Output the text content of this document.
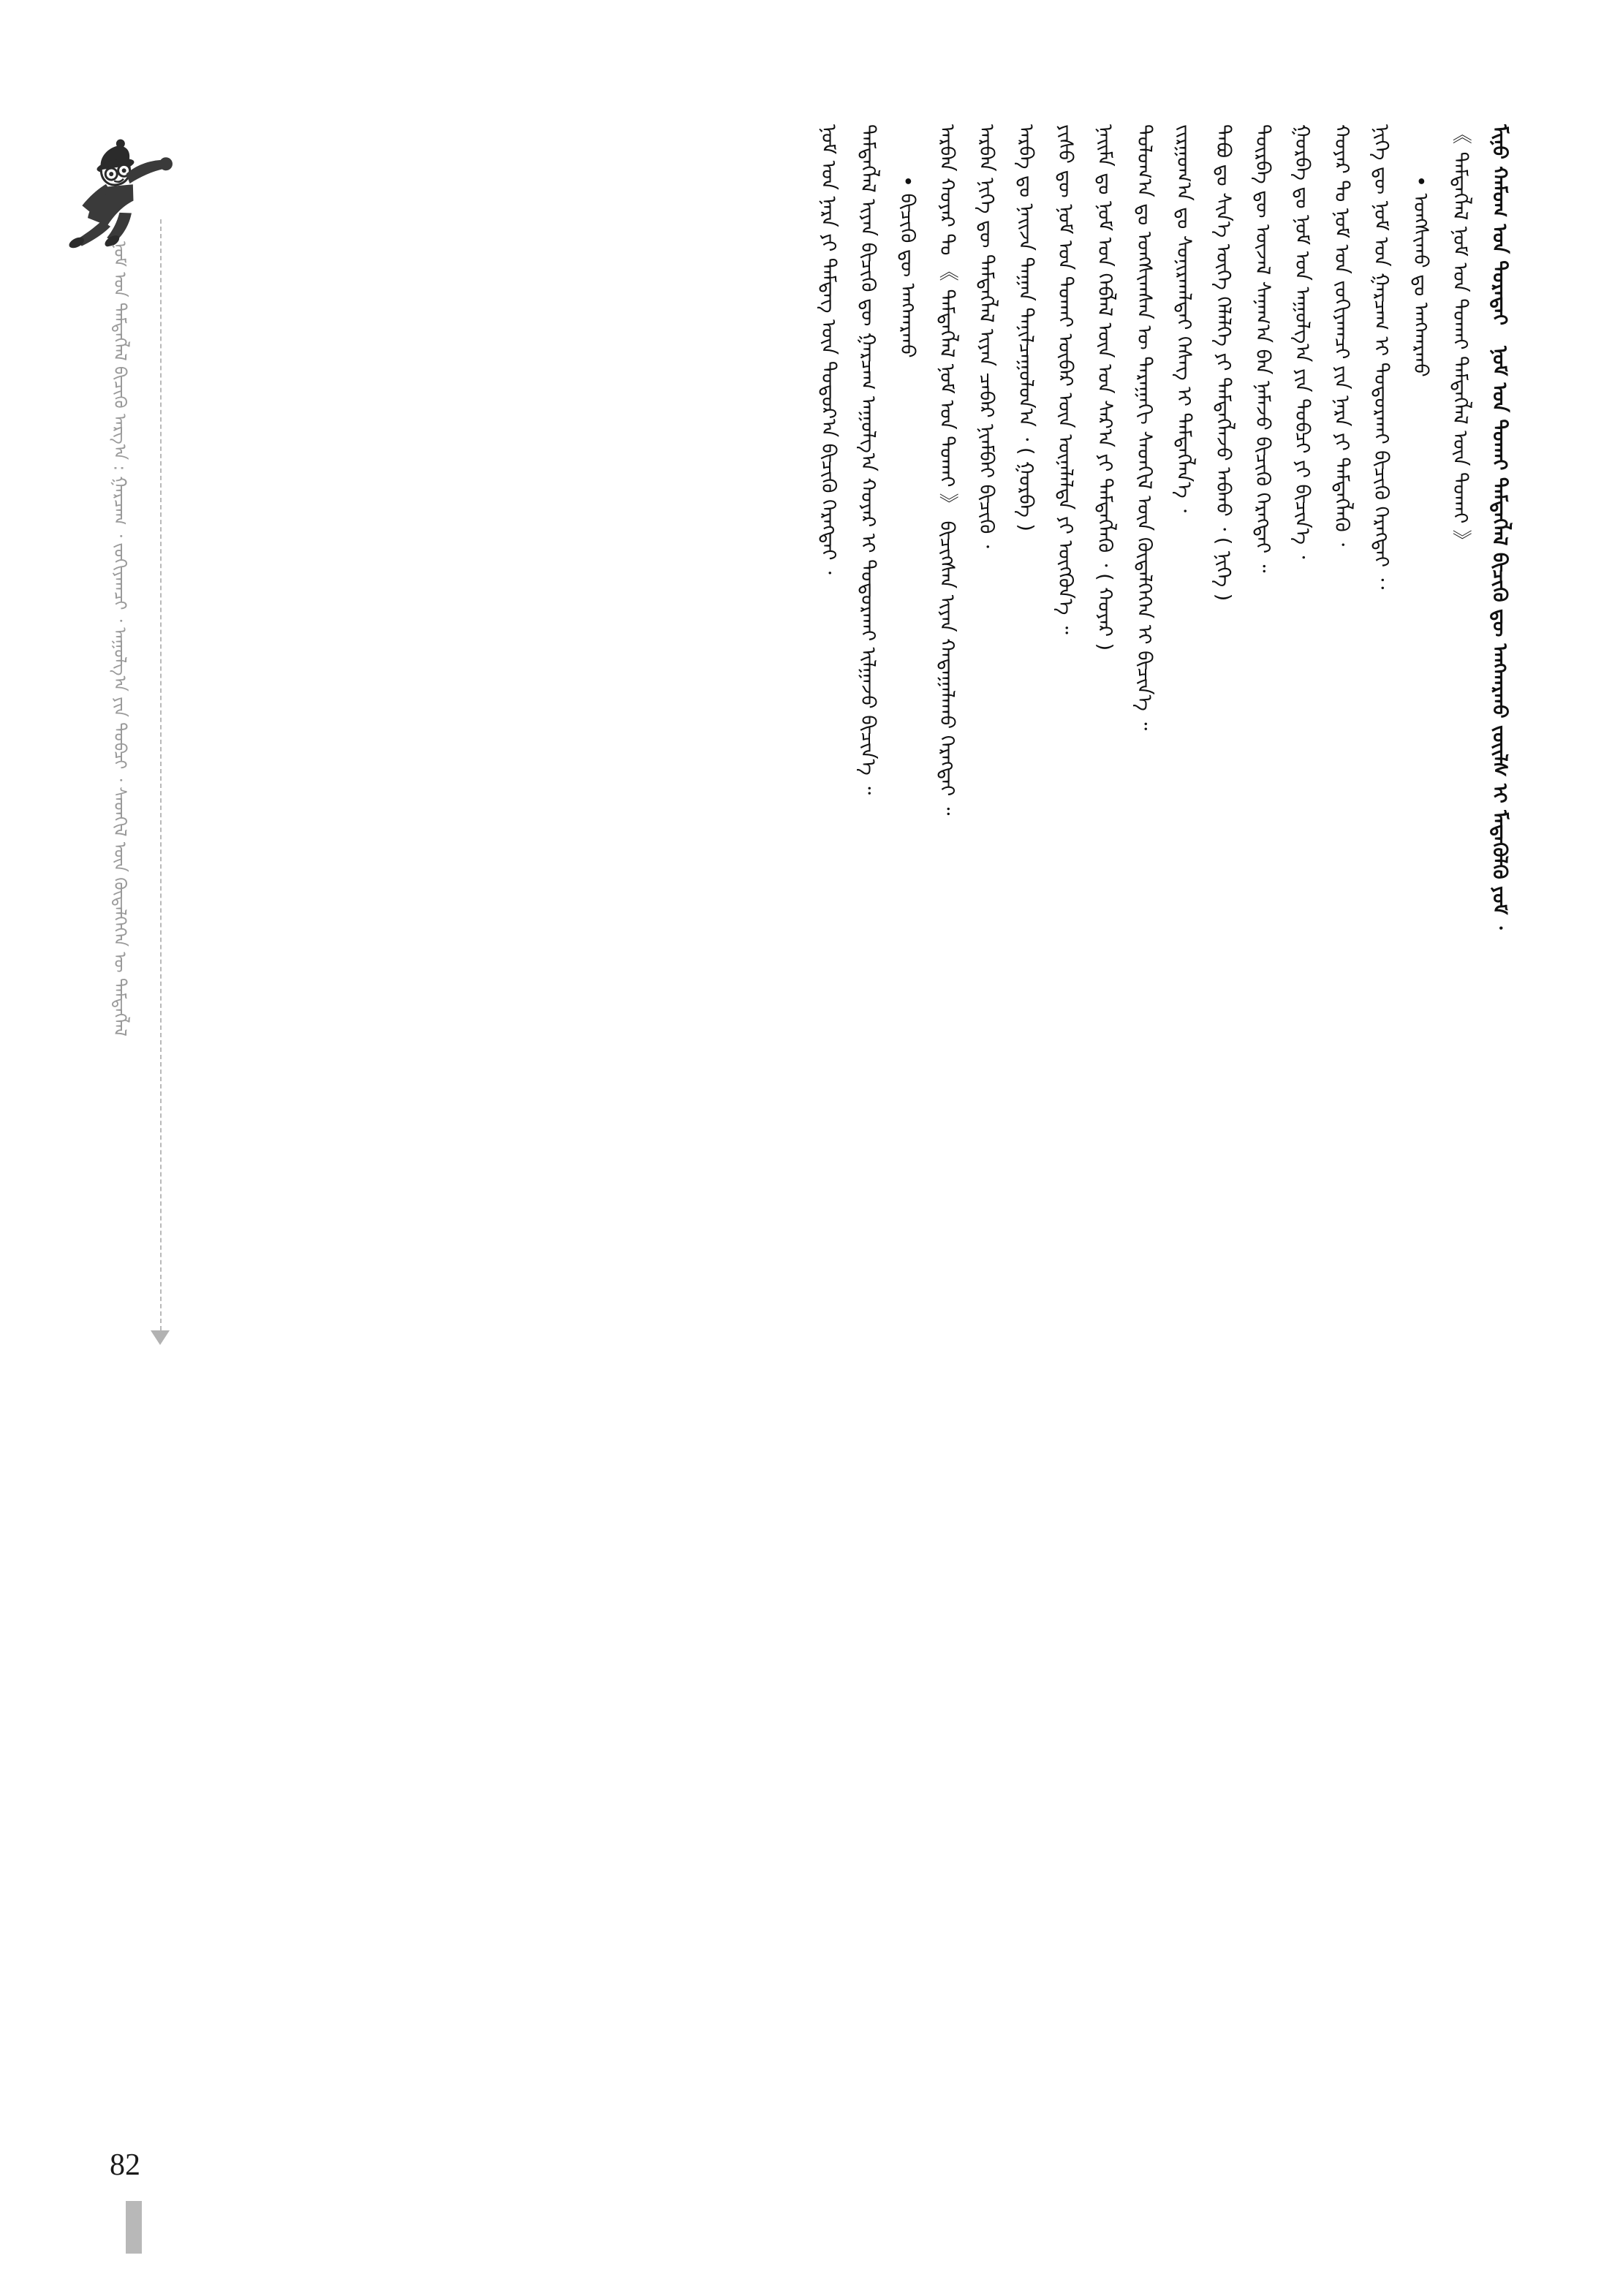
ᠨᠣᠮ ᠤᠨ ᠲᠡᠮᠳᠡᠭᠯᠡᠯ ᠪᠢᠴᠢᠬᠦ ᠠᠷᠭ᠎ᠠ : ᠭᠠᠷᠴᠠᠭ ᠂ ᠵᠣᠬᠢᠶᠠᠭᠴᠢ ᠂ ᠠᠭᠤᠯᠭ᠎ᠠ ᠶᠢᠨ ᠲᠣᠪᠴᠢ ᠂ ᠰᠡᠳᠬᠢᠯ ᠦᠨ ᠬᠥᠳᠡᠯᠭᠡᠭᠡᠨ ᠦ ᠲᠡᠮᠳᠡᠭᠯᠡᠯ	ᠨᠣᠮ ᠤᠨ ᠨᠡᠷᠡ ᠶᠢ ᠲᠡᠮᠳᠡᠭ ᠦᠨ ᠳᠣᠲᠣᠷ᠎ᠠ ᠪᠢᠴᠢᠬᠦ ᠬᠡᠷᠡᠭᠲᠡᠢ ᠂ ᠲᠡᠮᠳᠡᠭᠯᠡᠯ ᠢᠶᠡᠨ ᠪᠢᠴᠢᠬᠦ ᠳᠦ ᠭᠠᠷᠴᠠᠭ ᠠᠭᠤᠯᠭ᠎ᠠ ᠬᠣᠶᠠᠷ ᠢ ᠲᠣᠳᠣᠷᠬᠠᠢ ᠢᠯᠭᠠᠵᠤ ᠪᠢᠴᠢᠨ᠎ᠡ ᠃ • ᠪᠢᠴᠢᠬᠦ ᠳᠦ ᠠᠩᠬᠠᠷᠬᠤ ᠠᠷᠪᠠᠨ ᠬᠣᠶᠠᠷ ᠲᠤ 《 ᠲᠡᠮᠳᠡᠭᠯᠡᠯ ᠨᠣᠮ ᠤᠨ ᠲᠤᠬᠠᠢ 》 ᠪᠢᠴᠢᠭᠰᠡᠨ ᠢᠶᠡᠨ ᠬᠠᠳᠠᠭᠠᠯᠠᠬᠤ ᠬᠡᠷᠡᠭᠲᠡᠢ ᠃ ᠠᠷᠪᠠᠨ ᠨᠢᠭᠡ ᠳᠦ ᠲᠡᠮᠳᠡᠭᠯᠡᠯ ᠢᠶᠡᠨ ᠴᠡᠪᠡᠷ ᠨᠢᠠᠮᠪᠠᠢ ᠪᠢᠴᠢᠬᠦ ᠂ ᠠᠷᠪᠠ ᠳᠤ ᠨᠠᠢᠵᠠ ᠳᠠᠭᠠᠨ ᠲᠠᠨᠢᠯᠴᠠᠭᠤᠯᠤᠨ᠎ᠠ ᠂ ( ᠭᠤᠷᠪᠠ ) ᠶᠢᠰᠦ ᠳᠦ ᠨᠣᠮ ᠤᠨ ᠲᠤᠬᠠᠢ ᠥᠪᠡᠷ ᠦᠨ ᠦᠨᠡᠯᠡᠯᠲᠡ ᠶᠢ ᠥᠭᠭᠦᠨ᠎ᠡ ᠃ ᠨᠠᠢᠮᠠ ᠳᠤ ᠨᠣᠮ ᠤᠨ ᠬᠡᠪᠯᠡᠯ ᠦᠨ ᠣᠨ ᠰᠠᠷ᠎ᠠ ᠶᠢ ᠲᠡᠮᠳᠡᠭᠯᠡᠬᠦ ᠂ ( ᠬᠣᠶᠠᠷ ) ᠳᠣᠯᠣᠭ᠎ᠠ ᠳᠤ ᠤᠩᠰᠢᠭᠰᠠᠨ ᠦ ᠳᠠᠷᠠᠭᠠᠬᠢ ᠰᠡᠳᠬᠢᠯ ᠦᠨ ᠬᠥᠳᠡᠯᠭᠡᠭᠡᠨ ᠢ ᠪᠢᠴᠢᠨ᠎ᠡ ᠃ ᠵᠢᠷᠭᠤᠭ᠎ᠠ ᠳᠤ ᠰᠣᠨᠢᠷᠬᠠᠯᠲᠠᠢ ᠬᠡᠰᠡᠭ ᠢ ᠲᠡᠮᠳᠡᠭᠯᠡᠨ᠎ᠡ ᠂ ᠲᠠᠪᠤ ᠳᠤ ᠰᠢᠨ᠎ᠡ ᠦᠭᠡ ᠬᠡᠯᠡᠯᠭᠡ ᠶᠢ ᠲᠡᠮᠳᠡᠭᠯᠡᠵᠦ ᠠᠪᠬᠤ ᠂ ( ᠨᠢᠭᠡ ) ᠳᠦᠷᠪᠡ ᠳᠦ ᠦᠵᠡᠯ ᠰᠠᠨᠠᠭ᠎ᠠ ᠪᠠᠨ ᠨᠡᠮᠡᠵᠦ ᠪᠢᠴᠢᠬᠦ ᠬᠡᠷᠡᠭᠲᠡᠢ ᠃ ᠭᠤᠷᠪᠠ ᠳᠤ ᠨᠣᠮ ᠤᠨ ᠠᠭᠤᠯᠭ᠎ᠠ ᠶᠢᠨ ᠲᠣᠪᠴᠢ ᠶᠢ ᠪᠢᠴᠢᠨ᠎ᠡ ᠂ ᠬᠣᠶᠠᠷ ᠲᠤ ᠨᠣᠮ ᠤᠨ ᠵᠣᠬᠢᠶᠠᠭᠴᠢ ᠶᠢᠨ ᠨᠡᠷᠡ ᠶᠢ ᠲᠡᠮᠳᠡᠭᠯᠡᠬᠦ ᠂ ᠨᠢᠭᠡ ᠳᠦ ᠨᠣᠮ ᠤᠨ ᠭᠠᠷᠴᠠᠭ ᠢ ᠲᠣᠳᠣᠷᠬᠠᠢ ᠪᠢᠴᠢᠬᠦ ᠬᠡᠷᠡᠭᠲᠡᠢ ᠂᠂ • ᠤᠩᠰᠢᠬᠤ ᠳᠤ ᠠᠩᠬᠠᠷᠬᠤ 《 ᠲᠡᠮᠳᠡᠭᠯᠡᠯ ᠨᠣᠮ ᠤᠨ ᠲᠤᠬᠠᠢ ᠲᠡᠮᠳᠡᠭᠯᠡᠯ ᠦᠨ ᠲᠤᠬᠠᠢ 》 ᠮᠢᠨᠦ ᠬᠠᠮᠤᠭ ᠤᠨ ᠳᠤᠷᠠᠲᠠᠢ   ᠨᠣᠮ ᠤᠨ ᠲᠤᠬᠠᠢ ᠲᠡᠮᠳᠡᠭᠯᠡᠯ ᠪᠢᠴᠢᠬᠦ ᠳᠦ ᠠᠩᠬᠠᠷᠬᠤ ᠵᠦᠢᠯᠰ ᠢ ᠮᠡᠳᠡᠭᠦᠯᠬᠦ ᠶᠤᠮ ᠂
82
